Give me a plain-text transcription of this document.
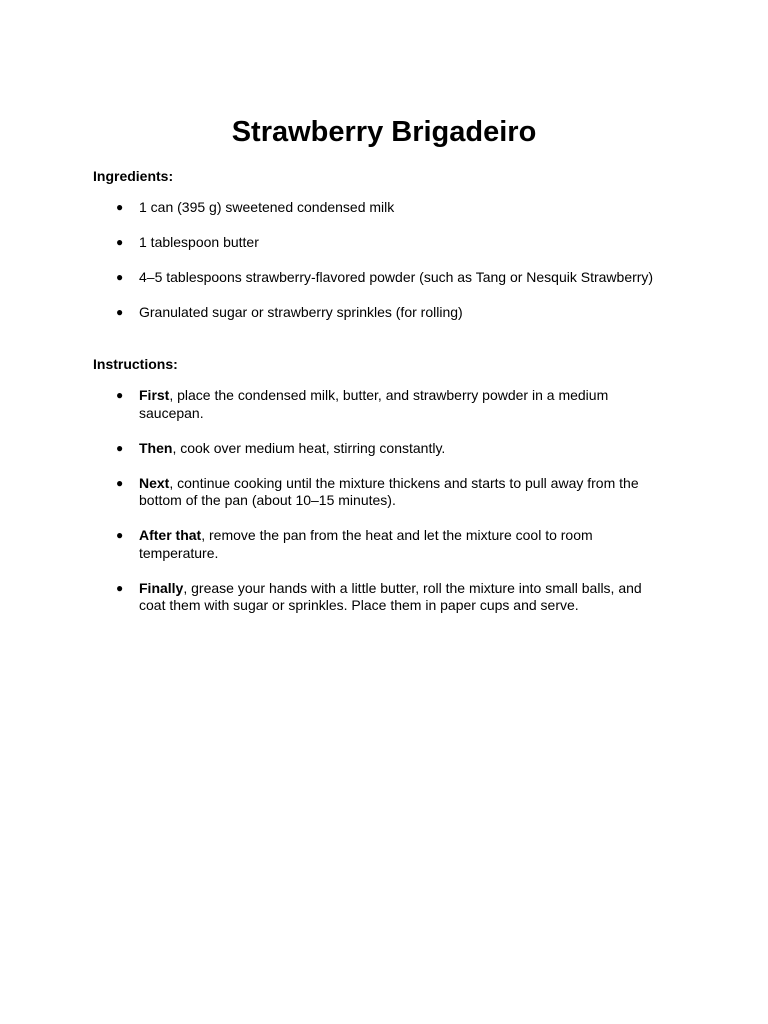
Strawberry Brigadeiro

Ingredients:

● 1 can (395 g) sweetened condensed milk
● 1 tablespoon butter
● 4–5 tablespoons strawberry-flavored powder (such as Tang or Nesquik Strawberry)
● Granulated sugar or strawberry sprinkles (for rolling)

Instructions:

● First, place the condensed milk, butter, and strawberry powder in a medium saucepan.
● Then, cook over medium heat, stirring constantly.
● Next, continue cooking until the mixture thickens and starts to pull away from the bottom of the pan (about 10–15 minutes).
● After that, remove the pan from the heat and let the mixture cool to room temperature.
● Finally, grease your hands with a little butter, roll the mixture into small balls, and coat them with sugar or sprinkles. Place them in paper cups and serve.
